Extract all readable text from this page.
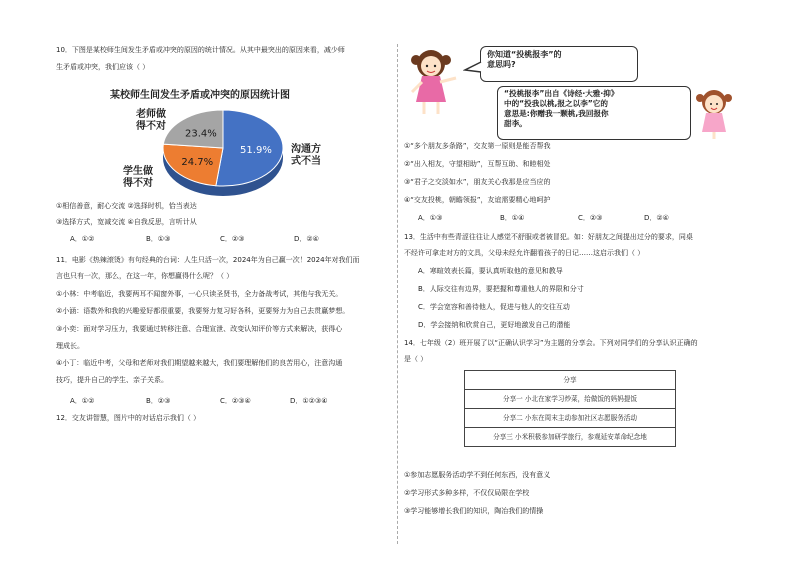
10．下图是某校师生间发生矛盾或冲突的原因的统计情况。从其中最突出的原因来看，减少师
生矛盾或冲突，我们应该（ ）
某校师生间发生矛盾或冲突的原因统计图
老师做
得不对
学生做
得不对
沟通方
式不当
51.9%
24.7%
23.4%
①相信善意，耐心交流 ②选择时机，恰当表达
③选择方式，宽减交流 ④自我反思，言听计从
A．①②	B．①③	C．②③	D．②④
11．电影《热辣滚烫》有句经典的台词：人生只活一次，2024年为自己赢一次！2024年对我们而
言也只有一次，那么，在这一年，你想赢得什么呢？（ ）
①小林：中考临近，我要两耳不闻窗外事，一心只读圣贤书，全力备战考试，其他与我无关。
②小涵：语数外和我的兴趣爱好都很重要，我要努力复习好各科，更要努力为自己去贯赢梦想。
③小奕：面对学习压力，我要通过转移注意、合理宣泄、改变认知评价等方式来解决，获得心
理成长。
④小丁：临近中考，父母和老师对我们期望越来越大，我们要理解他们的良苦用心，注意沟通
技巧，提升自己的学生、亲子关系。
A．①②	B．②③	C．②③④	D．①②③④
12．交友讲智慧，图片中的对话启示我们（ ）
你知道“投桃报李”的
意思吗?
“投桃报李”出自《诗经·大雅·抑》
中的“投我以桃,报之以李”它的
意思是:你赠我一颗桃,我回报你
甜李。
①“多个朋友多条路”，交友第一原则是能否帮我
②“出入相友，守望相助”，互帮互助、和睦相处
③“君子之交淡如水”，朋友关心我那是应当应的
④“交友投桃，朝瞻领报”，友谊需要精心地呵护
A．①③	B．①④	C．②③	D．②④
13．生活中有些青涩往往让人感觉不舒服或者被冒犯。如：好朋友之间提出过分的要求，同桌
不经许可拿走对方的文具，父母未经允许翻看孩子的日记……这启示我们（ ）
A．寒暄效表长篇，要认真听取他的意见和教导
B．人际交往有边界，要把握和尊重他人的界限和分寸
C．学会宽容和善待他人，促进与他人的交往互动
D．学会接纳和欣赏自己，更好地激发自己的潜能
14．七年级（2）班开展了以“正确认识学习”为主题的分享会。下列对同学们的分享认识正确的
是（ ）
分享
分享一 小北在家学习炒菜，给做饭的妈妈提饭
分享二 小东在周末主动参加社区志愿服务活动
分享三 小米积极参加研学旅行，参观延安革命纪念地
①参加志愿服务活动学不到任何东西，没有意义
②学习形式多种多样，不仅仅局限在学校
③学习能够增长我们的知识，陶冶我们的情操
